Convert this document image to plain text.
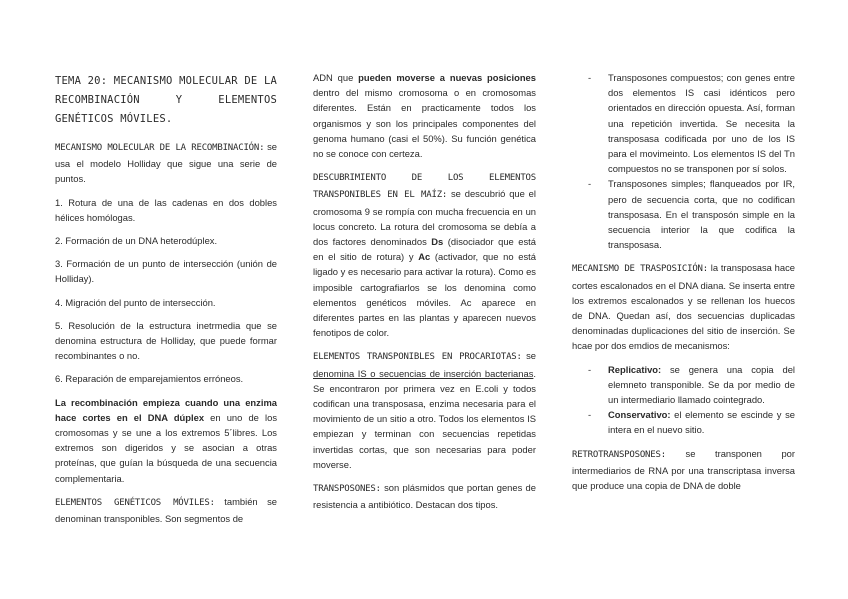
TEMA 20: MECANISMO MOLECULAR DE LA RECOMBINACIÓN Y ELEMENTOS GENÉTICOS MÓVILES.

MECANISMO MOLECULAR DE LA RECOMBINACIÓN: se usa el modelo Holliday que sigue una serie de puntos.

1. Rotura de una de las cadenas en dos dobles hélices homólogas.

2. Formación de un DNA heterodúplex.

3. Formación de un punto de intersección (unión de Holliday).

4. Migración del punto de intersección.

5. Resolución de la estructura inetrmedia que se denomina estructura de Holliday, que puede formar recombinantes o no.

6. Reparación de emparejamientos erróneos.

La recombinación empieza cuando una enzima hace cortes en el DNA dúplex en uno de los cromosomas y se une a los extremos 5´libres. Los extremos son digeridos y se asocian a otras proteínas, que guían la búsqueda de una secuencia complementaria.

ELEMENTOS GENÉTICOS MÓVILES: también se denominan transponibles. Son segmentos de

ADN que pueden moverse a nuevas posiciones dentro del mismo cromosoma o en cromosomas diferentes. Están en practicamente todos los organismos y son los principales componentes del genoma humano (casi el 50%). Su función genética no se conoce con certeza.

DESCUBRIMIENTO DE LOS ELEMENTOS TRANSPONIBLES EN EL MAÍZ: se descubrió que el cromosoma 9 se rompía con mucha frecuencia en un locus concreto. La rotura del cromosoma se debía a dos factores denominados Ds (disociador que está en el sitio de rotura) y Ac (activador, que no está ligado y es necesario para activar la rotura). Como es imposible cartografiarlos se los denomina como elementos genéticos móviles. Ac aparece en diferentes partes en las plantas y aparecen nuevos fenotipos de color.

ELEMENTOS TRANSPONIBLES EN PROCARIOTAS: se denomina IS o secuencias de inserción bacterianas. Se encontraron por primera vez en E.coli y todos codifican una transposasa, enzima necesaria para el movimiento de un sitio a otro. Todos los elementos IS empiezan y terminan con secuencias repetidas invertidas cortas, que son necesarias para poder moverse.

TRANSPOSONES: son plásmidos que portan genes de resistencia a antibiótico. Destacan dos tipos.

- Transposones compuestos; con genes entre dos elementos IS casi idénticos pero orientados en dirección opuesta. Así, forman una repetición invertida. Se necesita la transposasa codificada por uno de los IS para el movimeinto. Los elementos IS del Tn compuestos no se transponen por sí solos.
- Transposones simples; flanqueados por IR, pero de secuencia corta, que no codifican transposasa. En el transposón simple en la secuencia interior la que codifica la transposasa.

MECANISMO DE TRASPOSICIÓN: la transposasa hace cortes escalonados en el DNA diana. Se inserta entre los extremos escalonados y se rellenan los huecos de DNA. Quedan así, dos secuencias duplicadas denominadas duplicaciones del sitio de inserción. Se hcae por dos emdios de mecanismos:

- Replicativo: se genera una copia del elemneto transponible. Se da por medio de un intermediario llamado cointegrado.
- Conservativo: el elemento se escinde y se intera en el nuevo sitio.

RETROTRANSPOSONES: se transponen por intermediarios de RNA por una transcriptasa inversa que produce una copia de DNA de doble
